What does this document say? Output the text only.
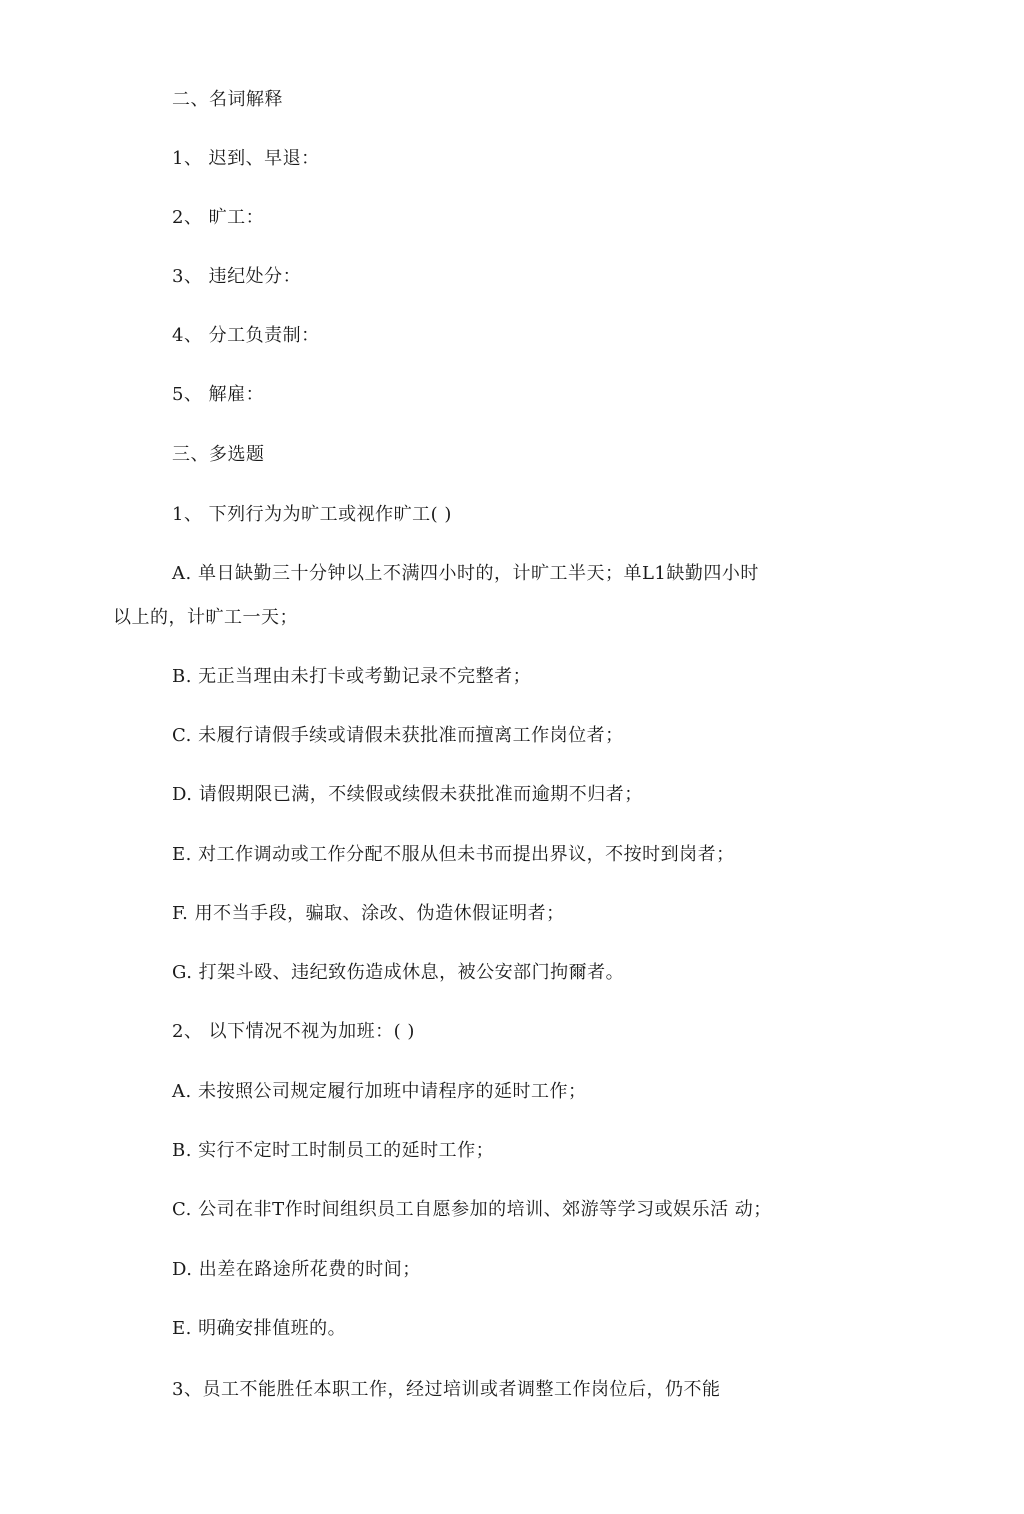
二、名词解释
1、 迟到、早退：
2、 旷工：
3、 违纪处分：
4、 分工负责制：
5、 解雇：
三、多选题
1、 下列行为为旷工或视作旷工( )
A. 单日缺勤三十分钟以上不满四小时的，计旷工半天；单L1缺勤四小时
以上的，计旷工一天；
B. 无正当理由未打卡或考勤记录不完整者；
C. 未履行请假手续或请假未获批准而擅离工作岗位者；
D. 请假期限已满，不续假或续假未获批准而逾期不归者；
E. 对工作调动或工作分配不服从但未书而提出界议，不按时到岗者；
F. 用不当手段，骗取、涂改、伪造休假证明者；
G. 打架斗殴、违纪致伤造成休息，被公安部门拘爾者。
2、 以下情况不视为加班：( )
A. 未按照公司规定履行加班中请程序的延时工作；
B. 实行不定时工时制员工的延时工作；
C. 公司在非T作时间组织员工自愿参加的培训、郊游等学习或娱乐活 动；
D. 出差在路途所花费的时间；
E. 明确安排值班的。
3、员工不能胜任本职工作，经过培训或者调整工作岗位后，仍不能
